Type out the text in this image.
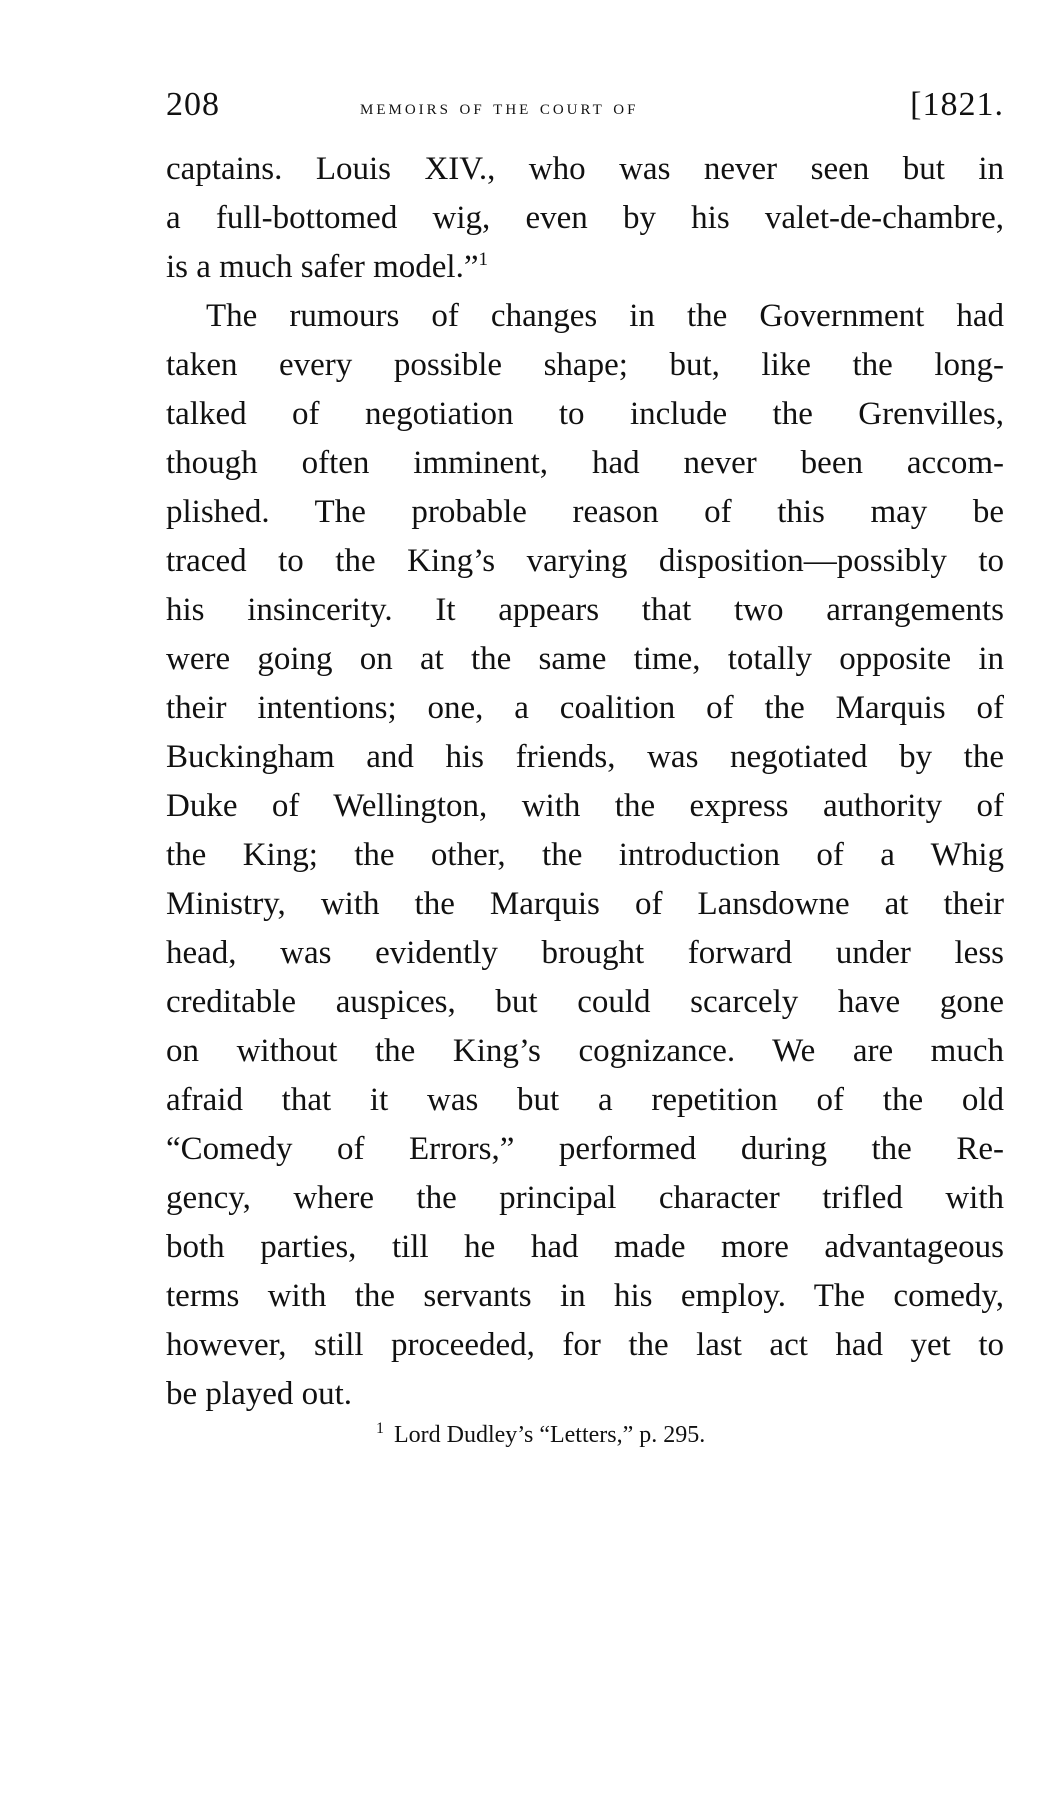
208	memoirs of the court of	[1821.
captains. Louis XIV., who was never seen but in
a full-bottomed wig, even by his valet-de-chambre,
is a much safer model.”$^1$
The rumours of changes in the Government had
taken every possible shape; but, like the long-
talked of negotiation to include the Grenvilles,
though often imminent, had never been accom-
plished. The probable reason of this may be
traced to the King’s varying disposition—possibly to
his insincerity. It appears that two arrangements
were going on at the same time, totally opposite in
their intentions; one, a coalition of the Marquis of
Buckingham and his friends, was negotiated by the
Duke of Wellington, with the express authority of
the King; the other, the introduction of a Whig
Ministry, with the Marquis of Lansdowne at their
head, was evidently brought forward under less
creditable auspices, but could scarcely have gone
on without the King’s cognizance. We are much
afraid that it was but a repetition of the old
“Comedy of Errors,” performed during the Re-
gency, where the principal character trifled with
both parties, till he had made more advantageous
terms with the servants in his employ. The comedy,
however, still proceeded, for the last act had yet to
be played out.
$^1$ Lord Dudley’s “Letters,” p. 295.
